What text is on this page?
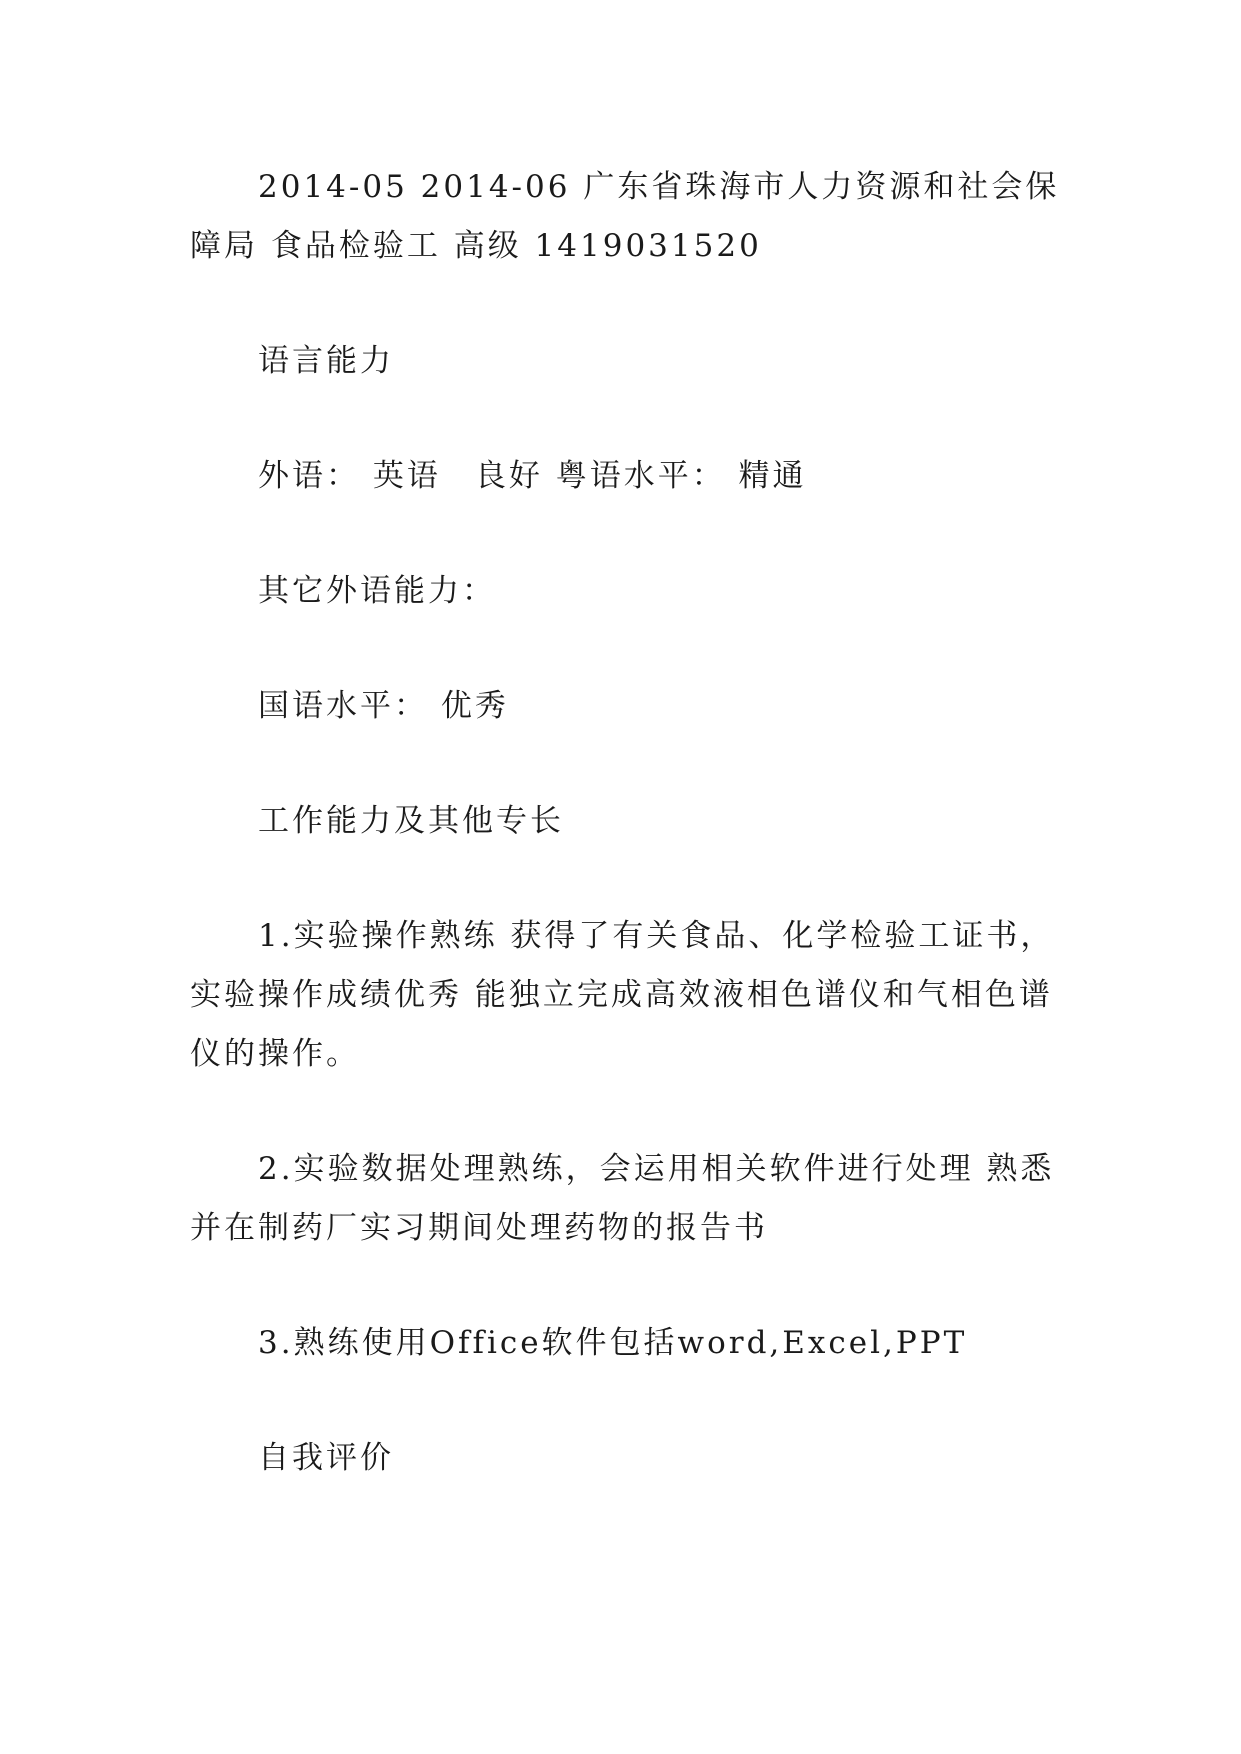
2014-05 2014-06 广东省珠海市人力资源和社会保障局 食品检验工 高级 1419031520

语言能力

外语： 英语　良好 粤语水平： 精通

其它外语能力：

国语水平： 优秀

工作能力及其他专长

1.实验操作熟练 获得了有关食品、化学检验工证书，实验操作成绩优秀 能独立完成高效液相色谱仪和气相色谱仪的操作。

2.实验数据处理熟练，会运用相关软件进行处理 熟悉并在制药厂实习期间处理药物的报告书

3.熟练使用Office软件包括word,Excel,PPT

自我评价
